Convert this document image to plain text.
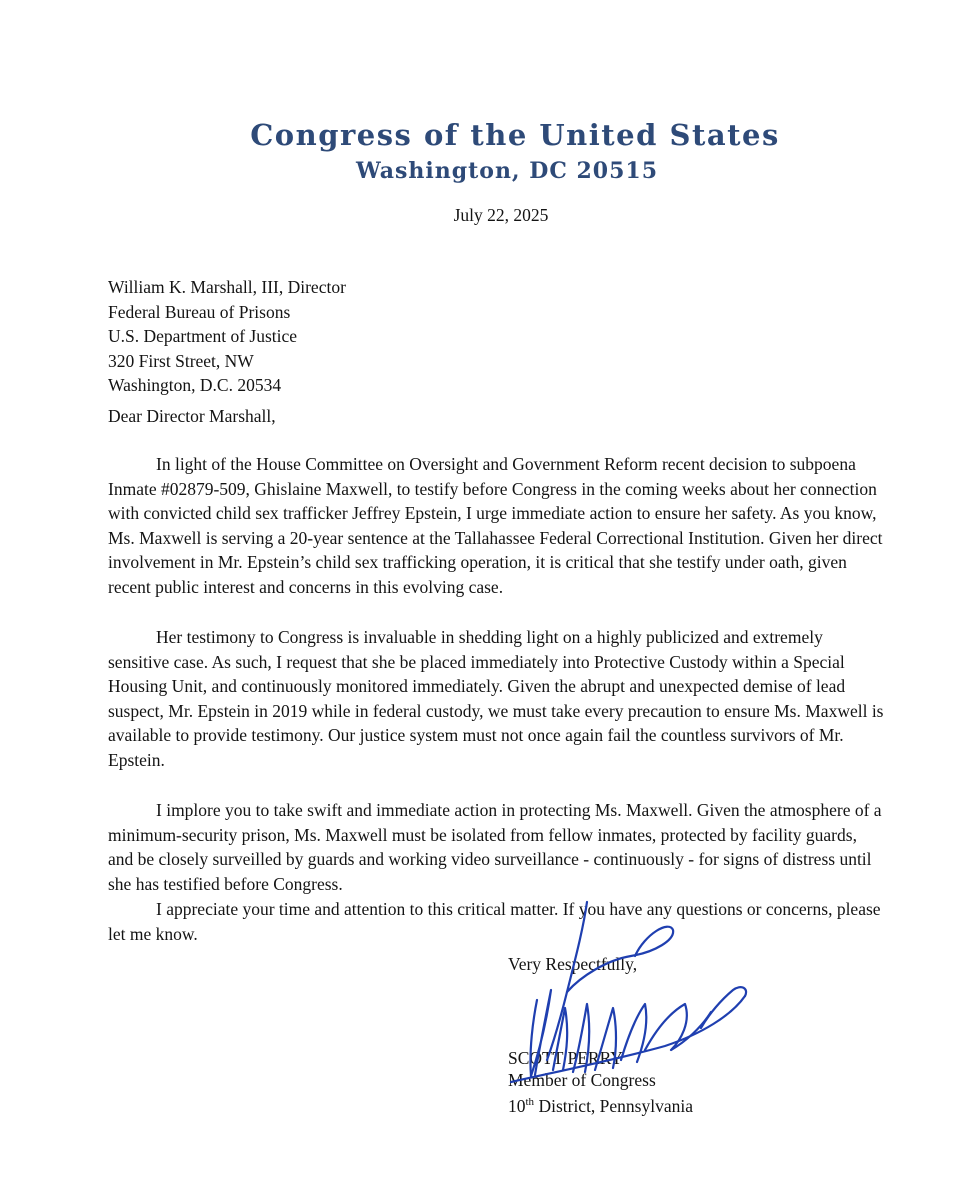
Congress of the United States
Washington, DC 20515
July 22, 2025
William K. Marshall, III, Director
Federal Bureau of Prisons
U.S. Department of Justice
320 First Street, NW
Washington, D.C. 20534
Dear Director Marshall,

In light of the House Committee on Oversight and Government Reform recent decision to subpoena Inmate #02879-509, Ghislaine Maxwell, to testify before Congress in the coming weeks about her connection with convicted child sex trafficker Jeffrey Epstein, I urge immediate action to ensure her safety. As you know, Ms. Maxwell is serving a 20-year sentence at the Tallahassee Federal Correctional Institution. Given her direct involvement in Mr. Epstein’s child sex trafficking operation, it is critical that she testify under oath, given recent public interest and concerns in this evolving case.

Her testimony to Congress is invaluable in shedding light on a highly publicized and extremely sensitive case. As such, I request that she be placed immediately into Protective Custody within a Special Housing Unit, and continuously monitored immediately. Given the abrupt and unexpected demise of lead suspect, Mr. Epstein in 2019 while in federal custody, we must take every precaution to ensure Ms. Maxwell is available to provide testimony. Our justice system must not once again fail the countless survivors of Mr. Epstein.

I implore you to take swift and immediate action in protecting Ms. Maxwell. Given the atmosphere of a minimum-security prison, Ms. Maxwell must be isolated from fellow inmates, protected by facility guards, and be closely surveilled by guards and working video surveillance - continuously - for signs of distress until she has testified before Congress.

I appreciate your time and attention to this critical matter. If you have any questions or concerns, please let me know.

Very Respectfully,
SCOTT PERRY
Member of Congress
10th District, Pennsylvania
